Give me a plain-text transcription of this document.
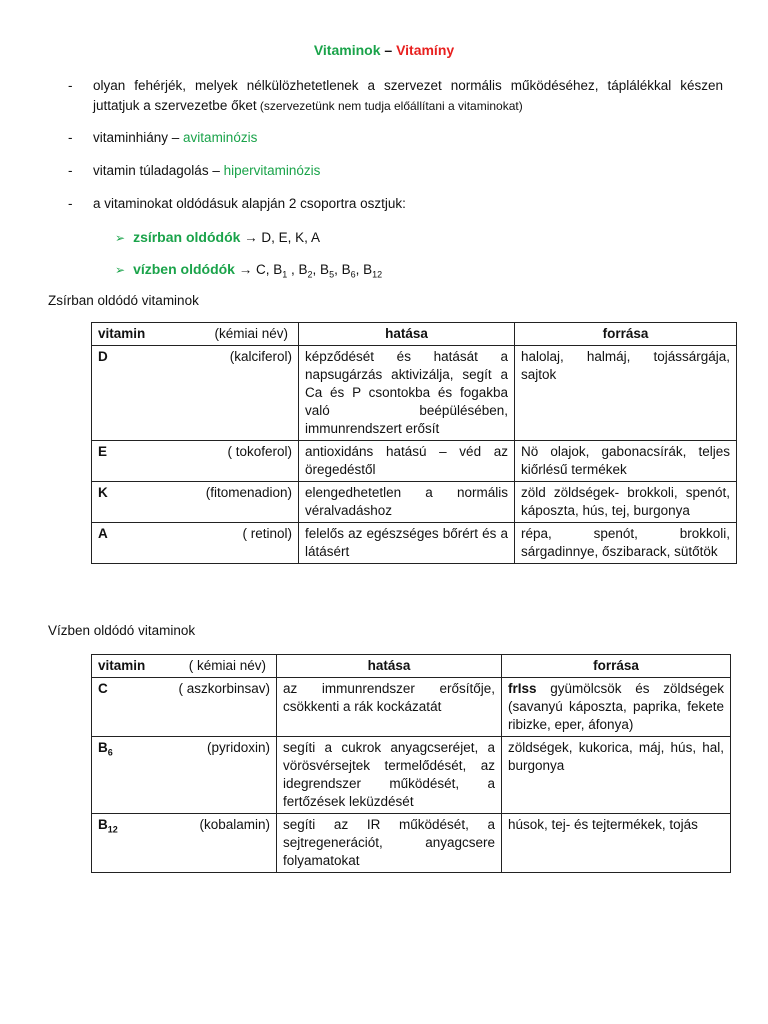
Vitaminok – Vitamíny
- olyan fehérjék, melyek nélkülözhetetlenek a szervezet normális működéséhez, táplálékkal készen juttatjuk a szervezetbe őket (szervezetünk nem tudja előállítani a vitaminokat)
- vitaminhiány – avitaminózis
- vitamin túladagolás – hipervitaminózis
- a vitaminokat oldódásuk alapján 2 csoportra osztjuk:
➢ zsírban oldódók → D, E, K, A
➢ vízben oldódók → C, $B_1$ , $B_2$, $B_5$, $B_6$, $B_{12}$
Zsírban oldódó vitaminok
vitamin (kémiai név)	hatása	forrása
D (kalciferol)	képződését és hatását a napsugárzás aktivizálja, segít a Ca és P csontokba és fogakba való beépülésében, immunrendszert erősít	halolaj, halmáj, tojássárgája, sajtok
E ( tokoferol)	antioxidáns hatású – véd az öregedéstől	Nö olajok, gabonacsírák, teljes kiőrlésű termékek
K (fitomenadion)	elengedhetetlen a normális véralvadáshoz	zöld zöldségek- brokkoli, spenót, káposzta, hús, tej, burgonya
A ( retinol)	felelős az egészséges bőrért és a látásért	répa, spenót, brokkoli, sárgadinnye, őszibarack, sütőtök
Vízben oldódó vitaminok
vitamin ( kémiai név)	hatása	forrása
C ( aszkorbinsav)	az immunrendszer erősítője, csökkenti a rák kockázatát	frIss gyümölcsök és zöldségek (savanyú káposzta, paprika, fekete ribizke, eper, áfonya)
$B_6$ (pyridoxin)	segíti a cukrok anyagcseréjet, a vörösvérsejtek termelődését, az idegrendszer működését, a fertőzések leküzdését	zöldségek, kukorica, máj, hús, hal, burgonya
$B_{12}$ (kobalamin)	segíti az IR működését, a sejtregenerációt, anyagcsere folyamatokat	húsok, tej- és tejtermékek, tojás
